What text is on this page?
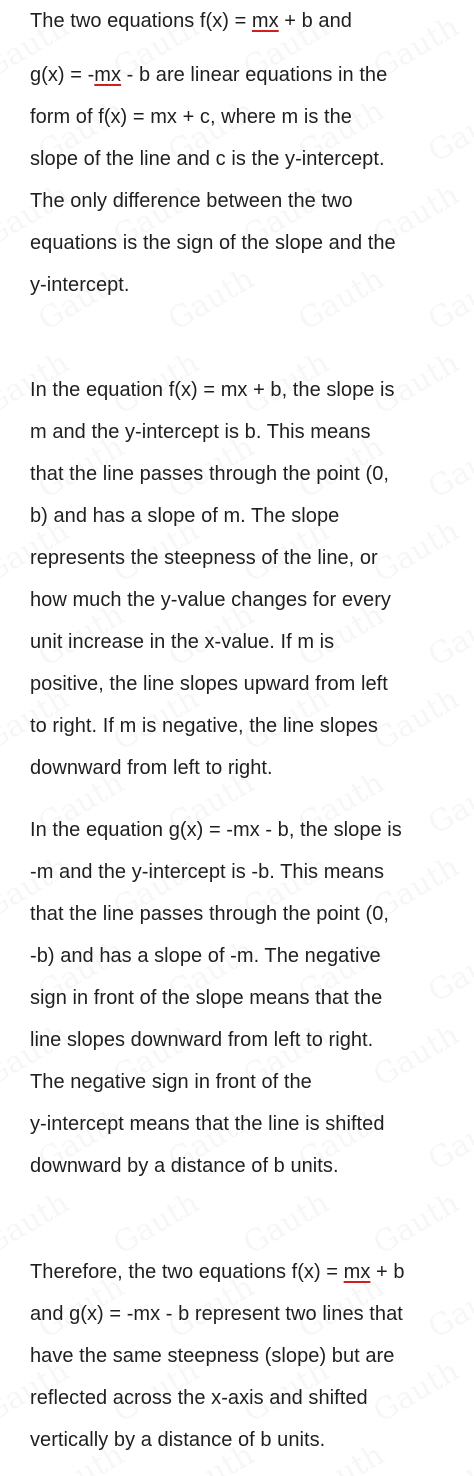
The two equations f(x) = mx + b and
g(x) = -mx - b are linear equations in the
form of f(x) = mx + c, where m is the
slope of the line and c is the y-intercept.
The only difference between the two
equations is the sign of the slope and the
y-intercept.
In the equation f(x) = mx + b, the slope is
m and the y-intercept is b. This means
that the line passes through the point (0,
b) and has a slope of m. The slope
represents the steepness of the line, or
how much the y-value changes for every
unit increase in the x-value. If m is
positive, the line slopes upward from left
to right. If m is negative, the line slopes
downward from left to right.
In the equation g(x) = -mx - b, the slope is
-m and the y-intercept is -b. This means
that the line passes through the point (0,
-b) and has a slope of -m. The negative
sign in front of the slope means that the
line slopes downward from left to right.
The negative sign in front of the
y-intercept means that the line is shifted
downward by a distance of b units.
Therefore, the two equations f(x) = mx + b
and g(x) = -mx - b represent two lines that
have the same steepness (slope) but are
reflected across the x-axis and shifted
vertically by a distance of b units.
